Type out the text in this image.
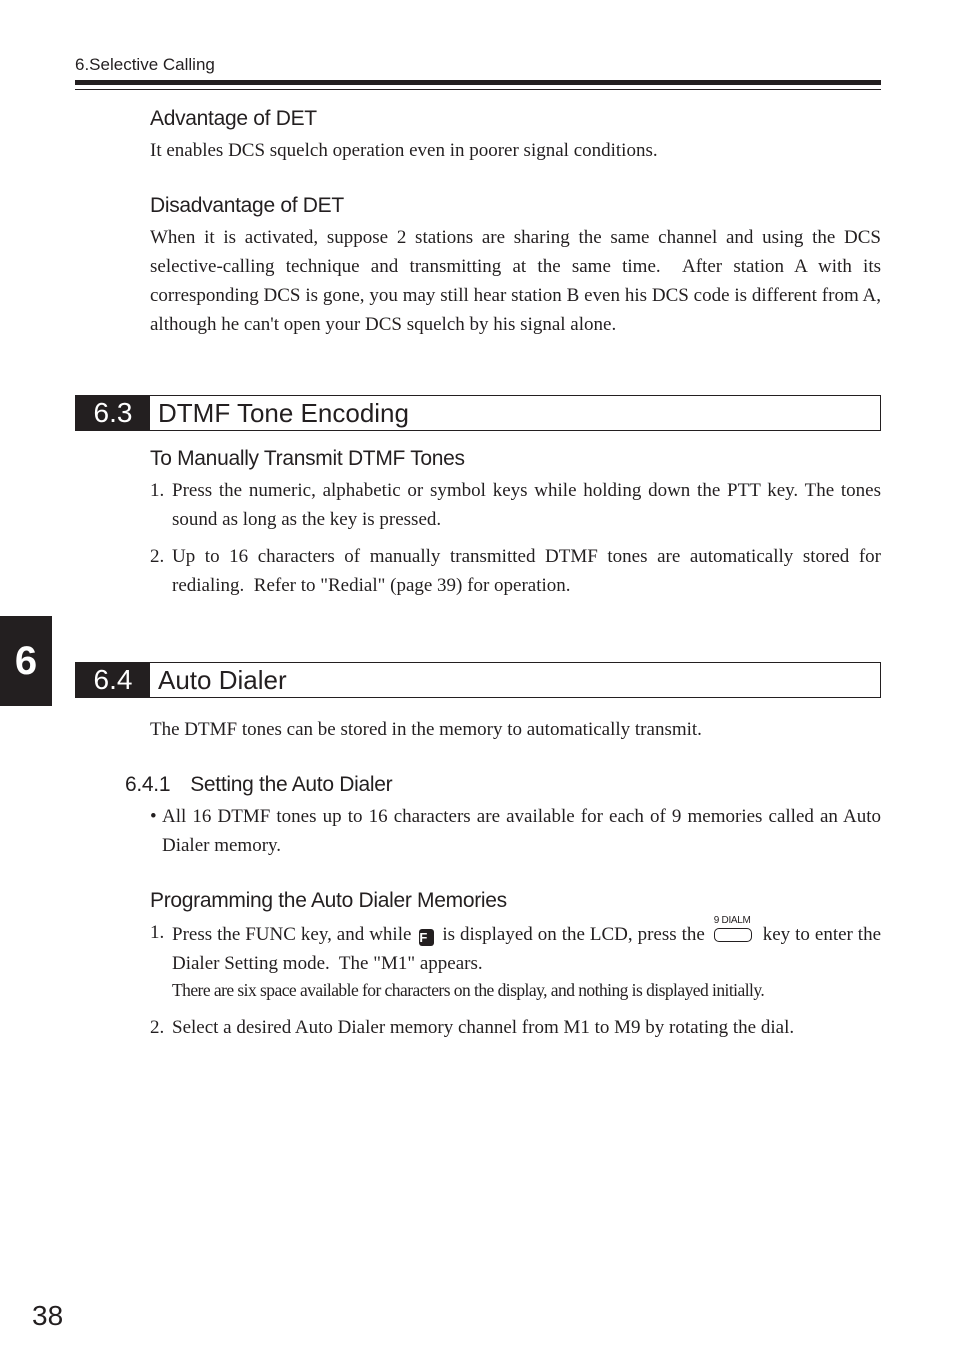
6.Selective Calling
Advantage of DET
It enables DCS squelch operation even in poorer signal conditions.
Disadvantage of DET
When it is activated, suppose 2 stations are sharing the same channel and using the DCS selective-calling technique and transmitting at the same time.  After station A with its corresponding DCS is gone, you may still hear station B even his DCS code is different from A, although he can't open your DCS squelch by his signal alone.
6.3 DTMF Tone Encoding
To Manually Transmit DTMF Tones
1. Press the numeric, alphabetic or symbol keys while holding down the PTT key. The tones sound as long as the key is pressed.
2. Up to 16 characters of manually transmitted DTMF tones are automatically stored for redialing.  Refer to "Redial" (page 39) for operation.
6	6.4 Auto Dialer
The DTMF tones can be stored in the memory to automatically transmit.
6.4.1 Setting the Auto Dialer
• All 16 DTMF tones up to 16 characters are available for each of 9 memories called an Auto Dialer memory.
Programming the Auto Dialer Memories
1. Press the FUNC key, and while F is displayed on the LCD, press the
9 DIALM
key to enter the Dialer Setting mode.  The "M1" appears.
There are six space available for characters on the display, and nothing is displayed initially.
2. Select a desired Auto Dialer memory channel from M1 to M9 by rotating the dial.
38
